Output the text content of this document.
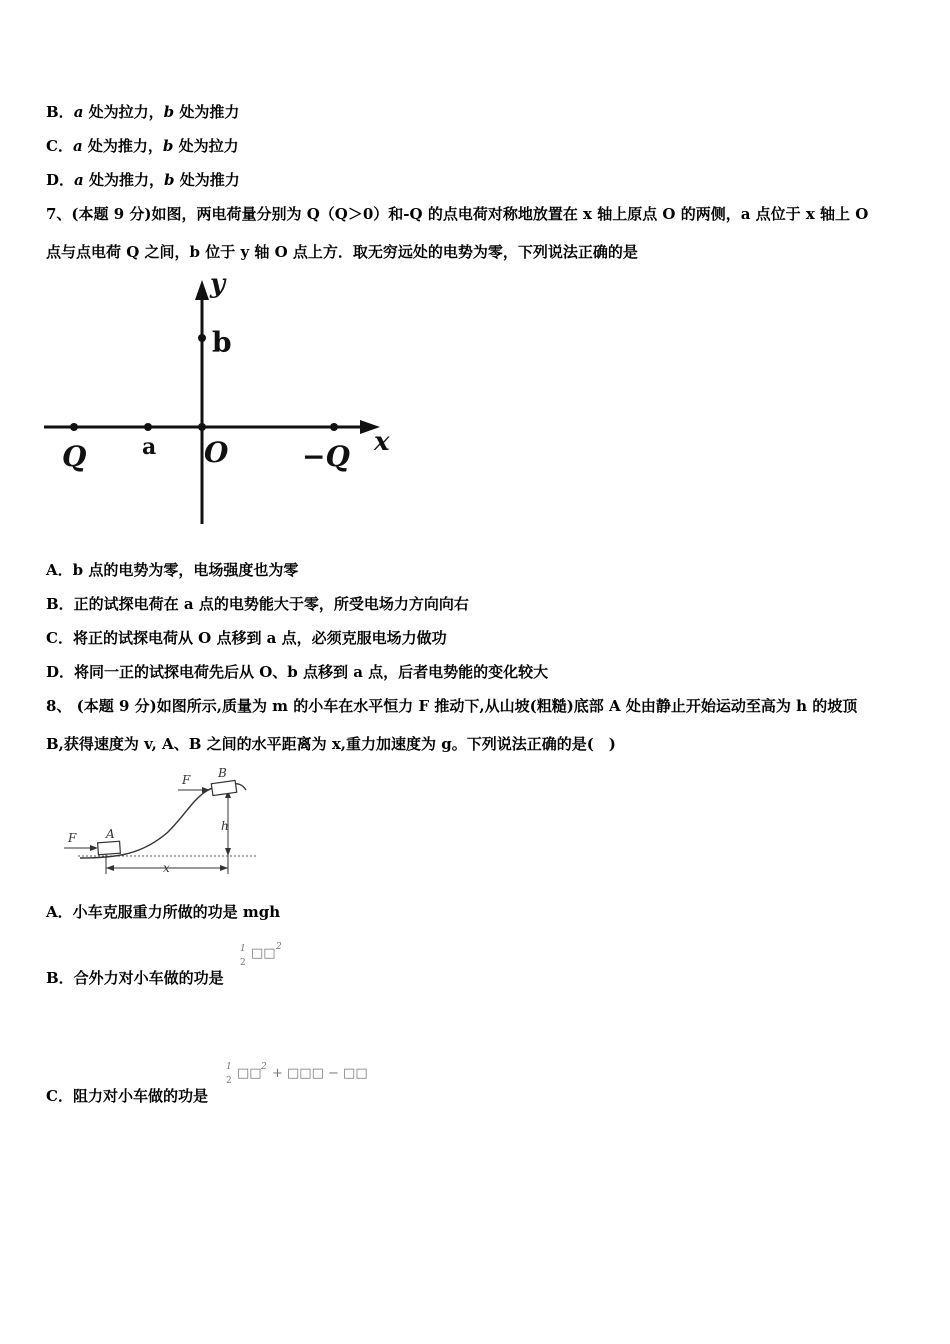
B．a 处为拉力，b 处为推力
C．a 处为推力，b 处为拉力
D．a 处为推力，b 处为推力
7、(本题 9 分)如图，两电荷量分别为 Q（Q＞0）和-Q 的点电荷对称地放置在 x 轴上原点 O 的两侧，a 点位于 x 轴上 O
点与点电荷 Q 之间，b 位于 y 轴 O 点上方．取无穷远处的电势为零，下列说法正确的是
y
b
x
Q	a O	−Q
A．b 点的电势为零，电场强度也为零
B．正的试探电荷在 a 点的电势能大于零，所受电场力方向向右
C．将正的试探电荷从 O 点移到 a 点，必须克服电场力做功
D．将同一正的试探电荷先后从 O、b 点移到 a 点，后者电势能的变化较大
8、 (本题 9 分)如图所示,质量为 m 的小车在水平恒力 F 推动下,从山坡(粗糙)底部 A 处由静止开始运动至高为 h 的坡顶
B,获得速度为 v, A、B 之间的水平距离为 x,重力加速度为 g。下列说法正确的是(　)
h
x
A
F
B
F
A．小车克服重力所做的功是 mgh
B．合外力对小车做的功是
1
2
□□ 2
C．阻力对小车做的功是
1
2 □□ 2 + □□□ − □□
